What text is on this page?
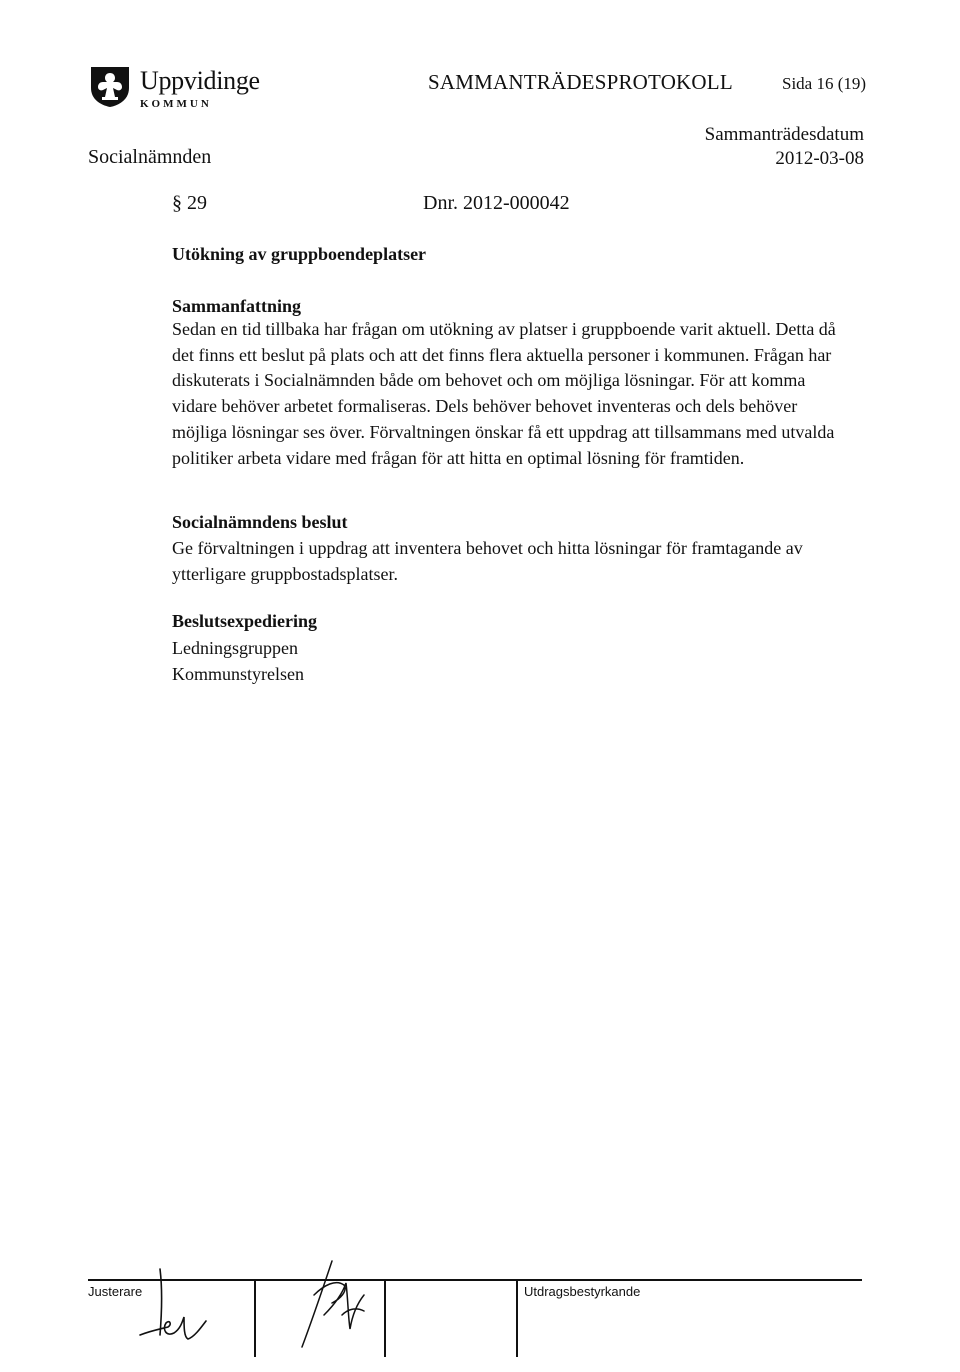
Uppvidinge
KOMMUN
SAMMANTRÄDESPROTOKOLL	Sida 16 (19)
Socialnämnden
Sammanträdesdatum
2012-03-08
§ 29	Dnr. 2012-000042
Utökning av gruppboendeplatser
Sammanfattning
Sedan en tid tillbaka har frågan om utökning av platser i gruppboende varit aktuell. Detta då det finns ett beslut på plats och att det finns flera aktuella personer i kommunen. Frågan har diskuterats i Socialnämnden både om behovet och om möjliga lösningar. För att komma vidare behöver arbetet formaliseras. Dels behöver behovet inventeras och dels behöver möjliga lösningar ses över. Förvaltningen önskar få ett uppdrag att tillsammans med utvalda politiker arbeta vidare med frågan för att hitta en optimal lösning för framtiden.
Socialnämndens beslut
Ge förvaltningen i uppdrag att inventera behovet och hitta lösningar för framtagande av ytterligare gruppbostadsplatser.
Beslutsexpediering
Ledningsgruppen
Kommunstyrelsen
Justerare	Utdragsbestyrkande
